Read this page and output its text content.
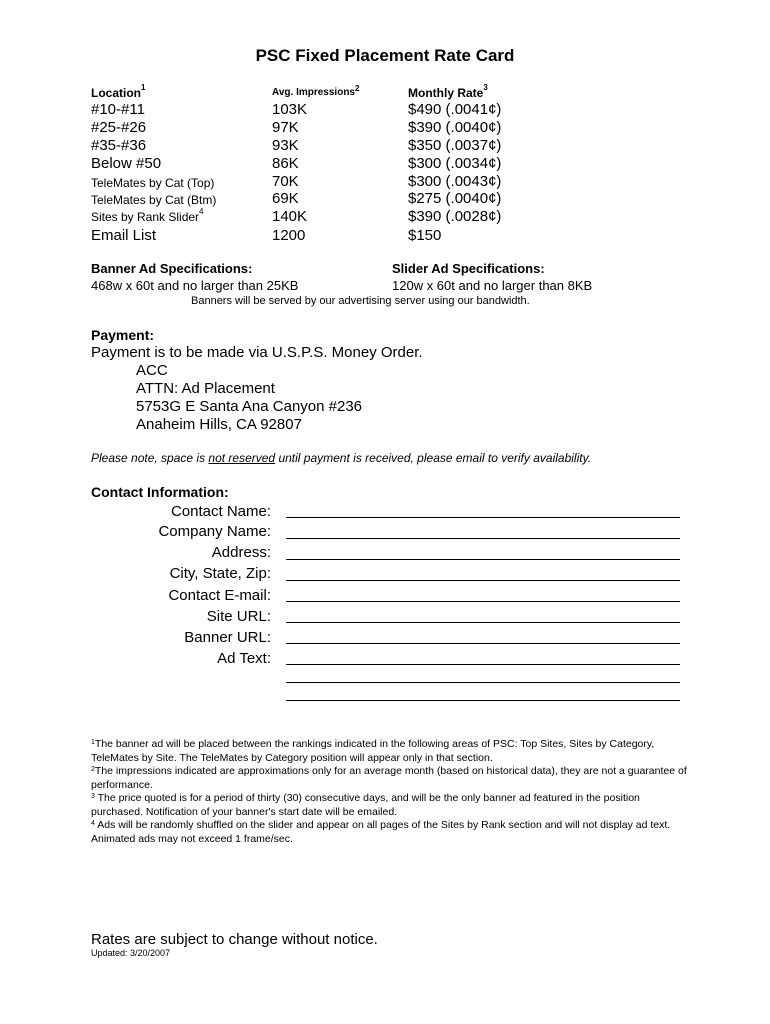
PSC Fixed Placement Rate Card
Location$^1$	Avg. Impressions$^2$	Monthly Rate$^3$
#10-#11	103K	$490 (.0041¢)
#25-#26	97K	$390 (.0040¢)
#35-#36	93K	$350 (.0037¢)
Below #50	86K	$300 (.0034¢)
TeleMates by Cat (Top)	70K	$300 (.0043¢)
TeleMates by Cat (Btm)	69K	$275 (.0040¢)
Sites by Rank Slider$^4$	140K	$390 (.0028¢)
Email List	1200	$150
Banner Ad Specifications:
468w x 60t and no larger than 25KB
Slider Ad Specifications:
120w x 60t and no larger than 8KB
Banners will be served by our advertising server using our bandwidth.
Payment:
Payment is to be made via U.S.P.S. Money Order.
ACC
ATTN: Ad Placement
5753G E Santa Ana Canyon #236
Anaheim Hills, CA 92807
Please note, space is not reserved until payment is received, please email to verify availability.
Contact Information:
Contact Name:
Company Name:
Address:
City, State, Zip:
Contact E-mail:
Site URL:
Banner URL:
Ad Text:
$^1$The banner ad will be placed between the rankings indicated in the following areas of PSC: Top Sites, Sites by Category, TeleMates by Site. The TeleMates by Category position will appear only in that section.
$^2$The impressions indicated are approximations only for an average month (based on historical data), they are not a guarantee of performance.
$^3$ The price quoted is for a period of thirty (30) consecutive days, and will be the only banner ad featured in the position purchased. Notification of your banner's start date will be emailed.
$^4$ Ads will be randomly shuffled on the slider and appear on all pages of the Sites by Rank section and will not display ad text. Animated ads may not exceed 1 frame/sec.
Rates are subject to change without notice.
Updated: 3/20/2007
